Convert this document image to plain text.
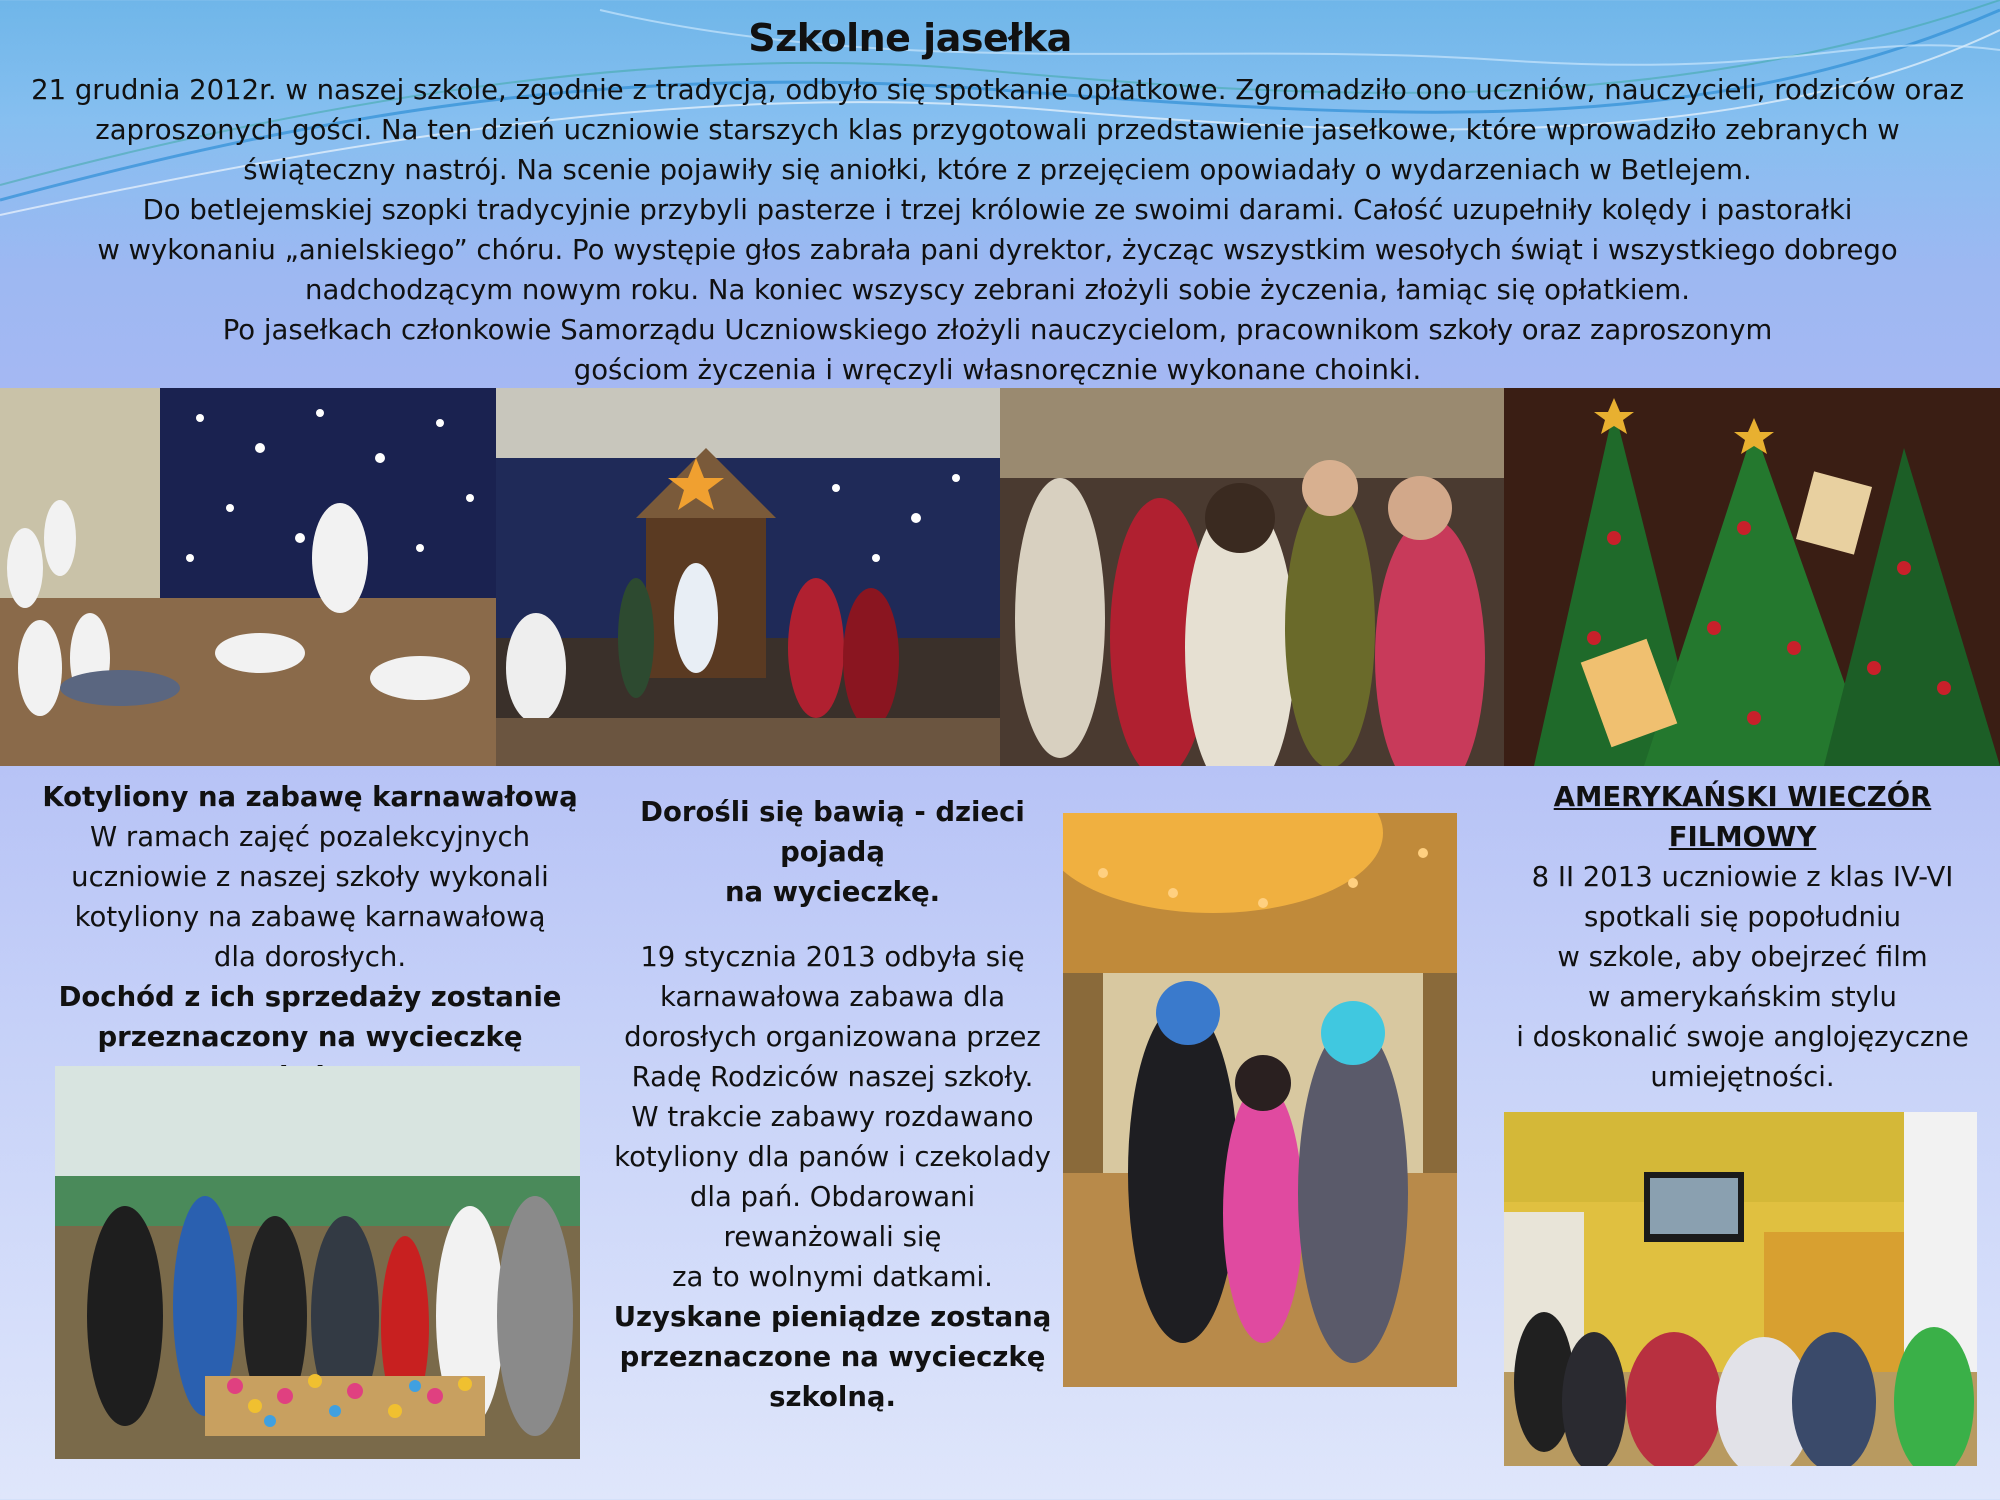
Szkolne jasełka
21 grudnia 2012r. w naszej szkole, zgodnie z tradycją, odbyło się spotkanie opłatkowe. Zgromadziło ono uczniów, nauczycieli, rodziców oraz
zaproszonych gości. Na ten dzień uczniowie starszych klas przygotowali przedstawienie jasełkowe, które wprowadziło zebranych w
świąteczny nastrój. Na scenie pojawiły się aniołki, które z przejęciem opowiadały o wydarzeniach w Betlejem.
Do betlejemskiej szopki tradycyjnie przybyli pasterze i trzej królowie ze swoimi darami. Całość uzupełniły kolędy i pastorałki
w wykonaniu „anielskiego” chóru. Po występie głos zabrała pani dyrektor, życząc wszystkim wesołych świąt i wszystkiego dobrego
nadchodzącym nowym roku. Na koniec wszyscy zebrani złożyli sobie życzenia, łamiąc się opłatkiem.
Po jasełkach członkowie Samorządu Uczniowskiego złożyli nauczycielom, pracownikom szkoły oraz zaproszonym
gościom życzenia i wręczyli własnoręcznie wykonane choinki.
Kotyliony na zabawę karnawałową
W ramach zajęć pozalekcyjnych
uczniowie z naszej szkoły wykonali
kotyliony na zabawę karnawałową
dla dorosłych.
Dochód z ich sprzedaży zostanie
przeznaczony na wycieczkę
Dorośli się bawią - dzieci pojadą
na wycieczkę.
19 stycznia 2013 odbyła się
karnawałowa zabawa dla
dorosłych organizowana przez
Radę Rodziców naszej szkoły.
W trakcie zabawy rozdawano
kotyliony dla panów i czekolady
dla pań. Obdarowani
rewanżowali się
za to wolnymi datkami.
Uzyskane pieniądze zostaną
przeznaczone na wycieczkę
szkolną.
AMERYKAŃSKI WIECZÓR
FILMOWY
8 II 2013 uczniowie z klas IV-VI
spotkali się popołudniu
w szkole, aby obejrzeć film
w amerykańskim stylu
i doskonalić swoje anglojęzyczne
umiejętności.
